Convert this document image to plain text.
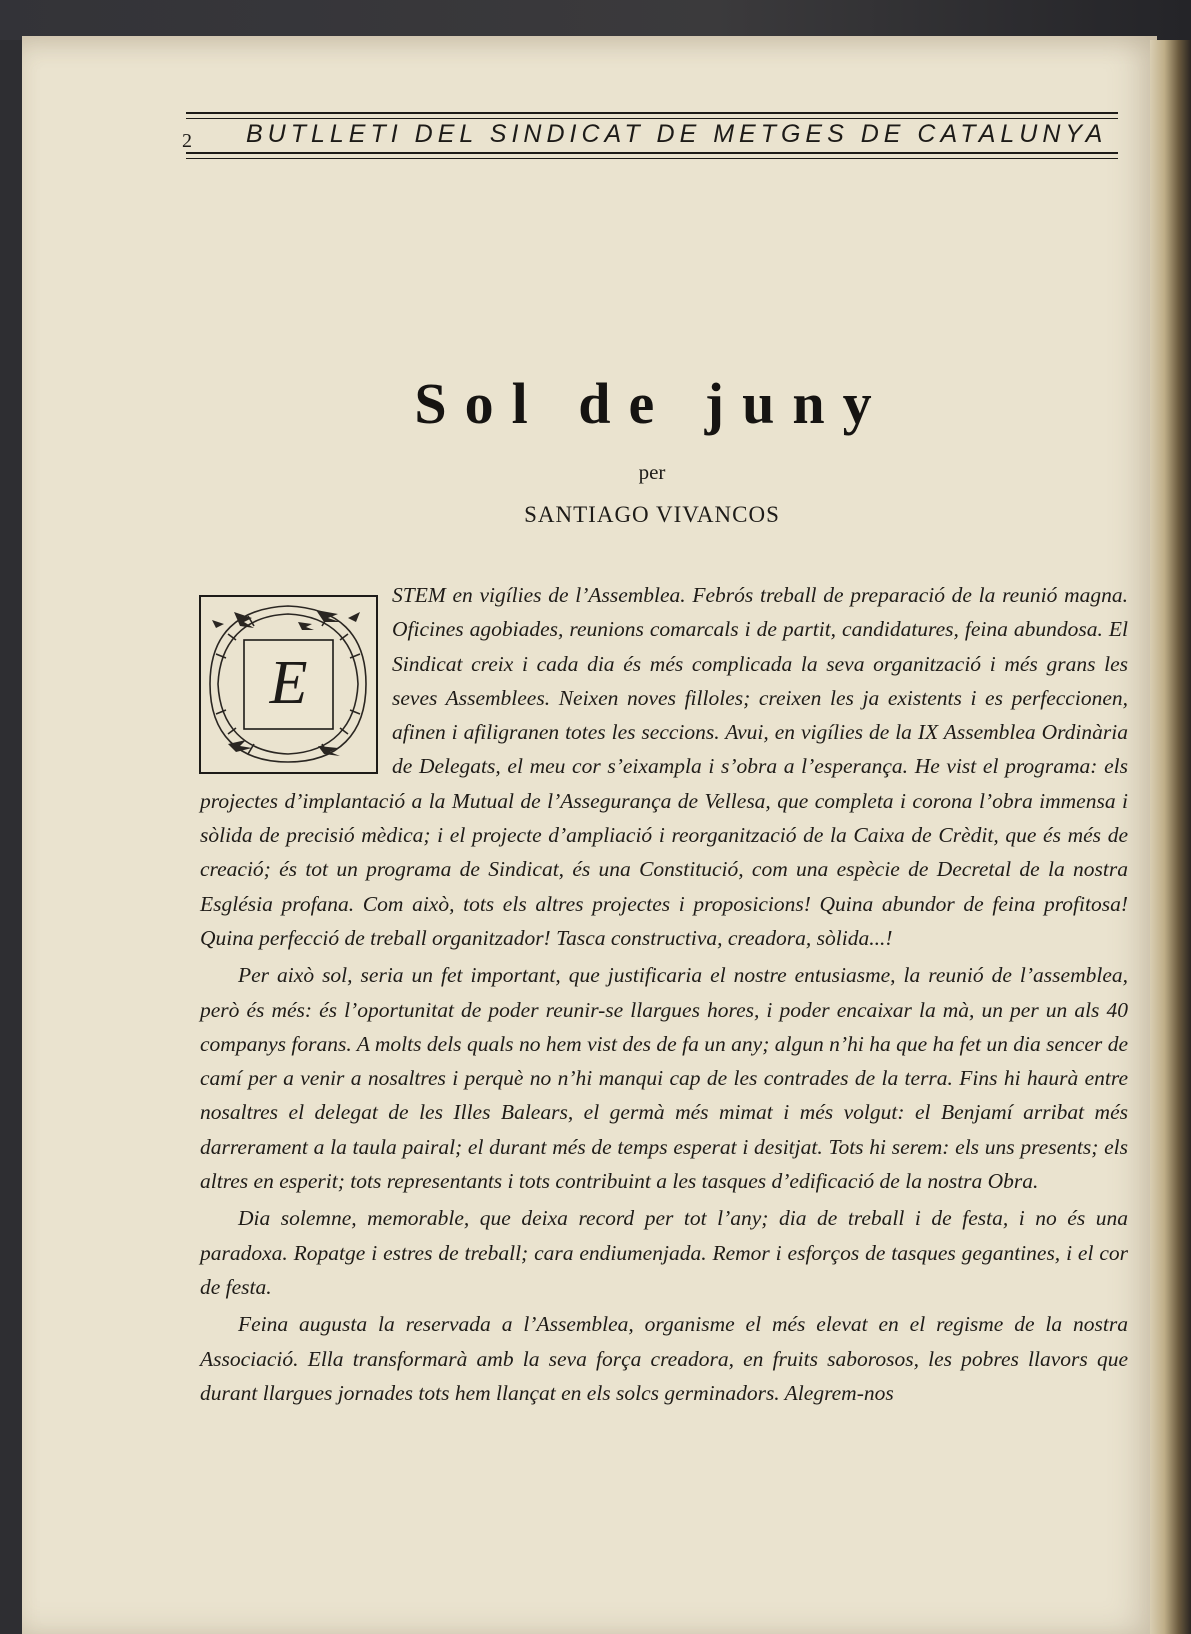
2 BUTLLETI DEL SINDICAT DE METGES DE CATALUNYA
Sol de juny
per
SANTIAGO VIVANCOS
E

STEM en vigílies de l’Assemblea. Febrós treball de preparació de la reunió magna. Oficines agobiades, reunions comarcals i de partit, candidatures, feina abundosa. El Sindicat creix i cada dia és més complicada la seva organització i més grans les seves Assemblees. Neixen noves filloles; creixen les ja existents i es perfeccionen, afinen i afiligranen totes les seccions. Avui, en vigílies de la IX Assemblea Ordinària de Delegats, el meu cor s’eixampla i s’obra a l’esperança. He vist el programa: els projectes d’implantació a la Mutual de l’Assegurança de Vellesa, que completa i corona l’obra immensa i sòlida de precisió mèdica; i el projecte d’ampliació i reorganització de la Caixa de Crèdit, que és més de creació; és tot un programa de Sindicat, és una Constitució, com una espècie de Decretal de la nostra Església profana. Com això, tots els altres projectes i proposicions! Quina abundor de feina profitosa! Quina perfecció de treball organitzador! Tasca constructiva, creadora, sòlida...!

Per això sol, seria un fet important, que justificaria el nostre entusiasme, la reunió de l’assemblea, però és més: és l’oportunitat de poder reunir-se llargues hores, i poder encaixar la mà, un per un als 40 companys forans. A molts dels quals no hem vist des de fa un any; algun n’hi ha que ha fet un dia sencer de camí per a venir a nosaltres i perquè no n’hi manqui cap de les contrades de la terra. Fins hi haurà entre nosaltres el delegat de les Illes Balears, el germà més mimat i més volgut: el Benjamí arribat més darrerament a la taula pairal; el durant més de temps esperat i desitjat. Tots hi serem: els uns presents; els altres en esperit; tots representants i tots contribuint a les tasques d’edificació de la nostra Obra.

Dia solemne, memorable, que deixa record per tot l’any; dia de treball i de festa, i no és una paradoxa. Ropatge i estres de treball; cara endiumenjada. Remor i esforços de tasques gegantines, i el cor de festa.

Feina augusta la reservada a l’Assemblea, organisme el més elevat en el regisme de la nostra Associació. Ella transformarà amb la seva força creadora, en fruits saborosos, les pobres llavors que durant llargues jornades tots hem llançat en els solcs germinadors. Alegrem-nos
